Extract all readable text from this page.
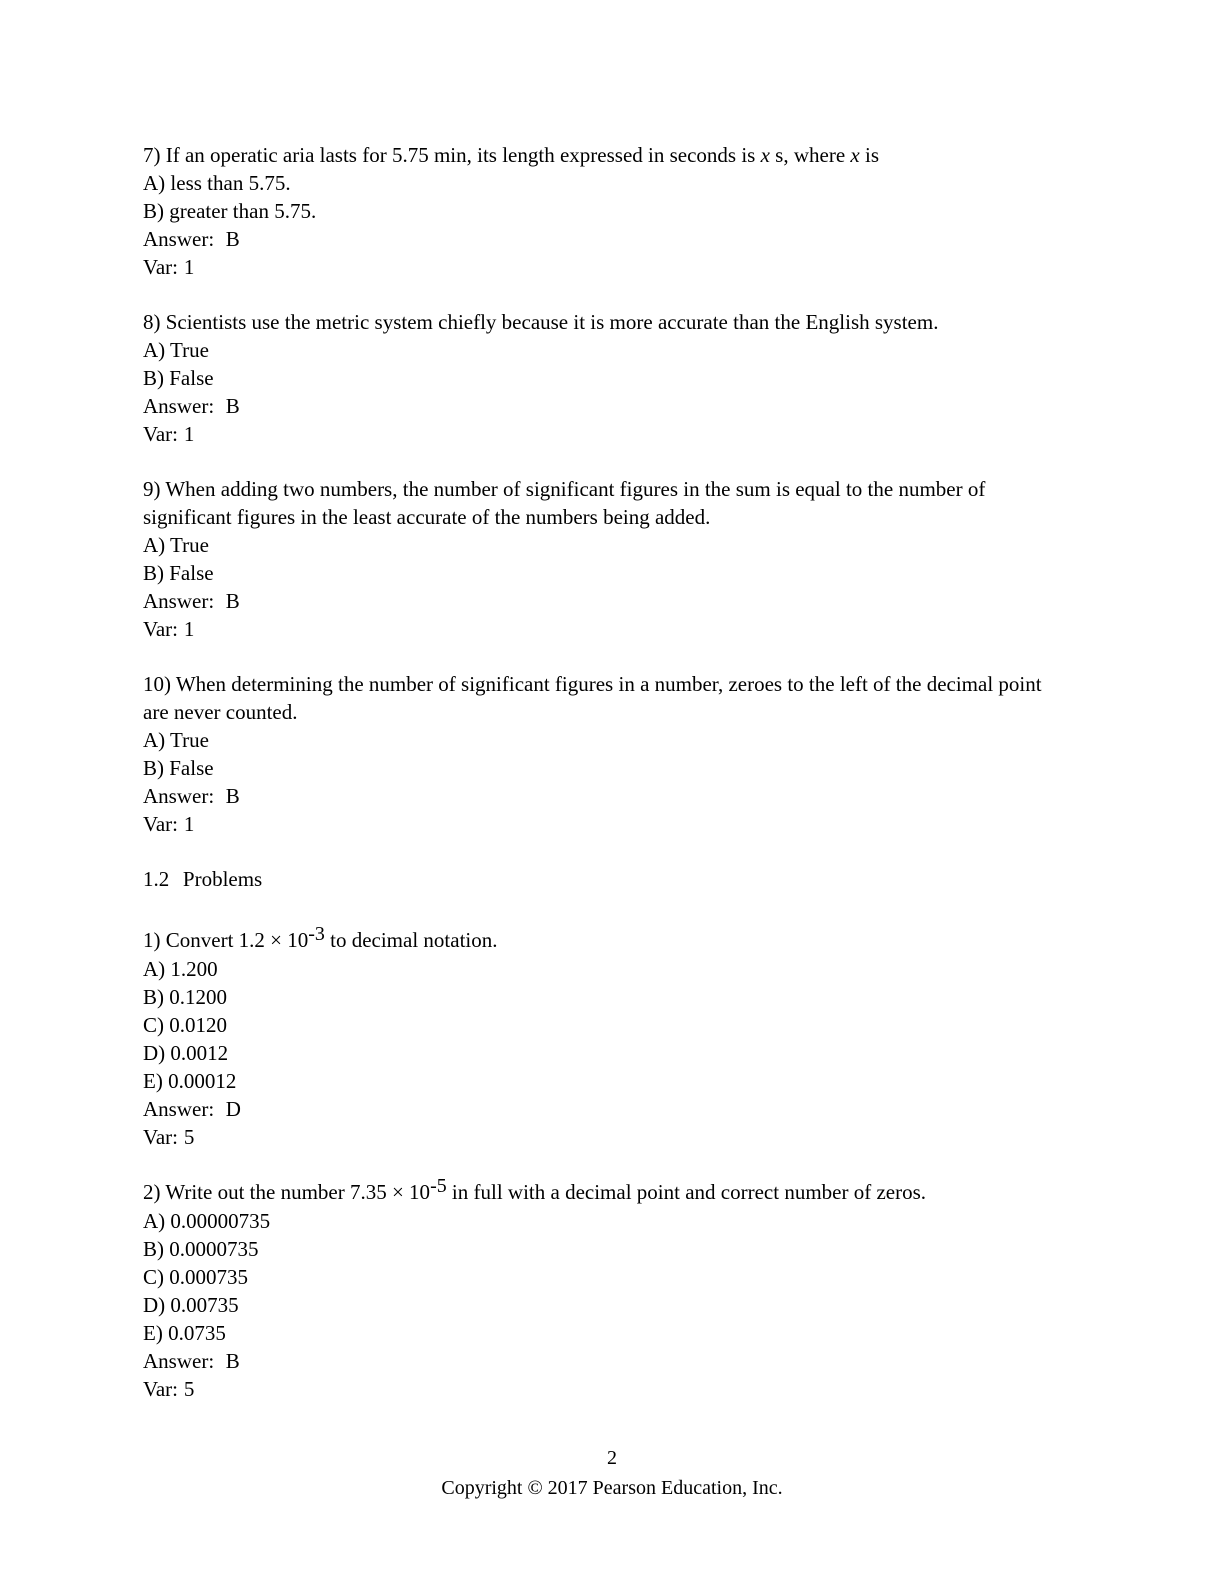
7) If an operatic aria lasts for 5.75 min, its length expressed in seconds is x s, where x is

A) less than 5.75.

B) greater than 5.75.

Answer: B

Var: 1

8) Scientists use the metric system chiefly because it is more accurate than the English system.

A) True

B) False

Answer: B

Var: 1

9) When adding two numbers, the number of significant figures in the sum is equal to the number of significant figures in the least accurate of the numbers being added.

A) True

B) False

Answer: B

Var: 1

10) When determining the number of significant figures in a number, zeroes to the left of the decimal point are never counted.

A) True

B) False

Answer: B

Var: 1

1.2 Problems

1) Convert 1.2 × 10-3 to decimal notation.

A) 1.200

B) 0.1200

C) 0.0120

D) 0.0012

E) 0.00012

Answer: D

Var: 5

2) Write out the number 7.35 × 10-5 in full with a decimal point and correct number of zeros.

A) 0.00000735

B) 0.0000735

C) 0.000735

D) 0.00735

E) 0.0735

Answer: B

Var: 5

2
Copyright © 2017 Pearson Education, Inc.
